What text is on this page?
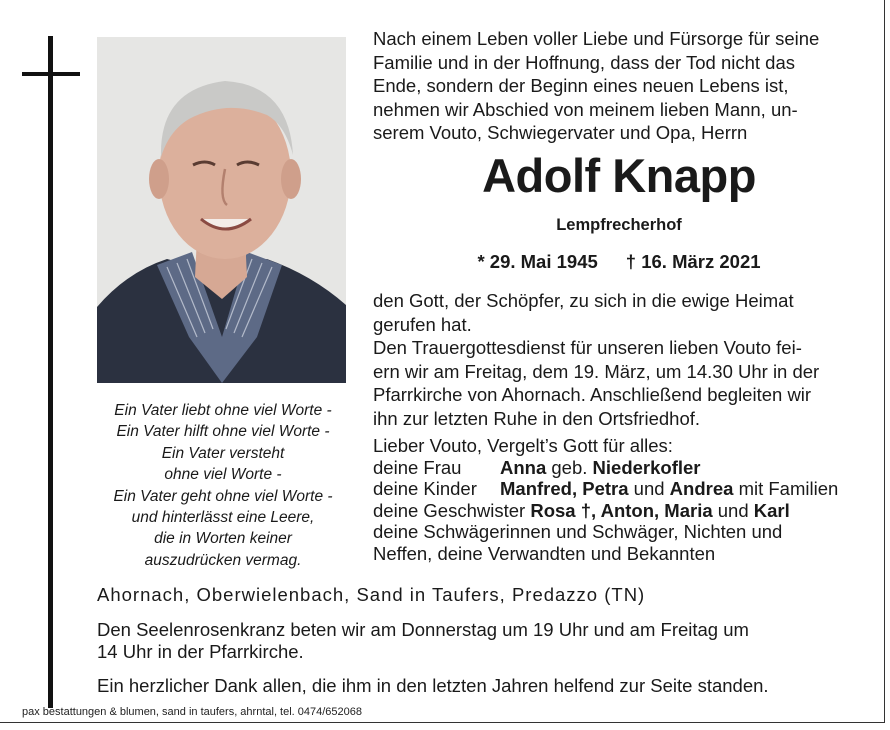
Ein Vater liebt ohne viel Worte -
Ein Vater hilft ohne viel Worte -
Ein Vater versteht
ohne viel Worte -
Ein Vater geht ohne viel Worte -
und hinterlässt eine Leere,
die in Worten keiner
auszudrücken vermag.
Nach einem Leben voller Liebe und Fürsorge für seine
Familie und in der Hoffnung, dass der Tod nicht das
Ende, sondern der Beginn eines neuen Lebens ist,
nehmen wir Abschied von meinem lieben Mann, un-
serem Vouto, Schwiegervater und Opa, Herrn
Adolf Knapp
Lempfrecherhof
* 29. Mai 1945 † 16. März 2021
den Gott, der Schöpfer, zu sich in die ewige Heimat
gerufen hat.
Den Trauergottesdienst für unseren lieben Vouto fei-
ern wir am Freitag, dem 19. März, um 14.30 Uhr in der
Pfarrkirche von Ahornach. Anschließend begleiten wir
ihn zur letzten Ruhe in den Ortsfriedhof.
Lieber Vouto, Vergelt’s Gott für alles:
deine Frau Anna geb. Niederkofler
deine Kinder Manfred, Petra und Andrea mit Familien
deine Geschwister Rosa †, Anton, Maria und Karl
deine Schwägerinnen und Schwäger, Nichten und
Neffen, deine Verwandten und Bekannten
Ahornach, Oberwielenbach, Sand in Taufers, Predazzo (TN)
Den Seelenrosenkranz beten wir am Donnerstag um 19 Uhr und am Freitag um
14 Uhr in der Pfarrkirche.
Ein herzlicher Dank allen, die ihm in den letzten Jahren helfend zur Seite standen.
pax bestattungen & blumen, sand in taufers, ahrntal, tel. 0474/652068
